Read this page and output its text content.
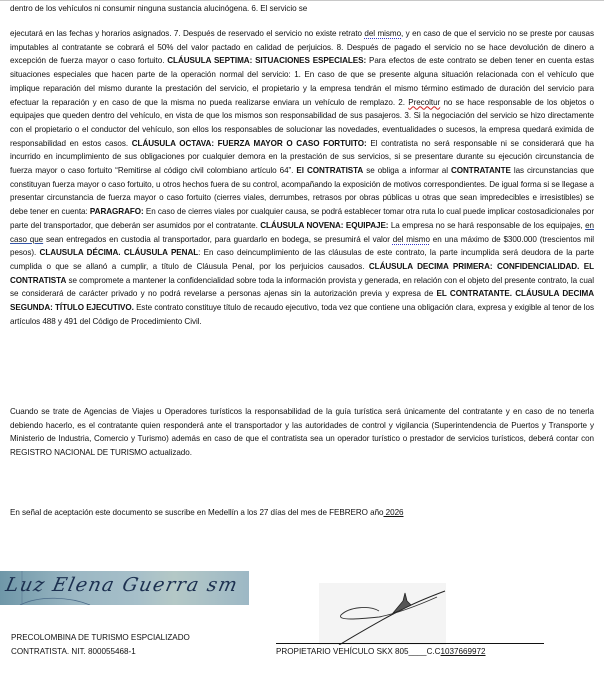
dentro de los vehículos ni consumir ninguna sustancia alucinógena. 6. El servicio se
ejecutará en las fechas y horarios asignados. 7. Después de reservado el servicio no existe retrato del mismo, y en caso de que el servicio no se preste por causas imputables al contratante se cobrará el 50% del valor pactado en calidad de perjuicios. 8. Después de pagado el servicio no se hace devolución de dinero a excepción de fuerza mayor o caso fortuito. CLÁUSULA SEPTIMA: SITUACIONES ESPECIALES: Para efectos de este contrato se deben tener en cuenta estas situaciones especiales que hacen parte de la operación normal del servicio: 1. En caso de que se presente alguna situación relacionada con el vehículo que implique reparación del mismo durante la prestación del servicio, el propietario y la empresa tendrán el mismo término estimado de duración del servicio para efectuar la reparación y en caso de que la misma no pueda realizarse enviara un vehículo de remplazo. 2. Precoltur no se hace responsable de los objetos o equipajes que queden dentro del vehículo, en vista de que los mismos son responsabilidad de sus pasajeros. 3. Si la negociación del servicio se hizo directamente con el propietario o el conductor del vehículo, son ellos los responsables de solucionar las novedades, eventualidades o sucesos, la empresa quedará eximida de responsabilidad en estos casos. CLÁUSULA OCTAVA: FUERZA MAYOR O CASO FORTUITO: El contratista no será responsable ni se considerará que ha incurrido en incumplimiento de sus obligaciones por cualquier demora en la prestación de sus servicios, si se presentare durante su ejecución circunstancia de fuerza mayor o caso fortuito “Remitirse al código civil colombiano artículo 64”. El CONTRATISTA se obliga a informar al CONTRATANTE las circunstancias que constituyan fuerza mayor o caso fortuito, u otros hechos fuera de su control, acompañando la exposición de motivos correspondientes. De igual forma si se llegase a presentar circunstancia de fuerza mayor o caso fortuito (cierres viales, derrumbes, retrasos por obras públicas u otras que sean impredecibles e irresistibles) se debe tener en cuenta: PARAGRAFO: En caso de cierres viales por cualquier causa, se podrá establecer tomar otra ruta lo cual puede implicar costosadicionales por parte del transportador, que deberán ser asumidos por el contratante. CLÁUSULA NOVENA: EQUIPAJE: La empresa no se hará responsable de los equipajes, en caso que sean entregados en custodia al transportador, para guardarlo en bodega, se presumirá el valor del mismo en una máximo de $300.000 (trescientos mil pesos). CLAUSULA DÉCIMA. CLÁUSULA PENAL: En caso deincumplimiento de las cláusulas de este contrato, la parte incumplida será deudora de la parte cumplida o que se allanó a cumplir, a título de Cláusula Penal, por los perjuicios causados. CLÁUSULA DECIMA PRIMERA: CONFIDENCIALIDAD. EL CONTRATISTA se compromete a mantener la confidencialidad sobre toda la información provista y generada, en relación con el objeto del presente contrato, la cual se considerará de carácter privado y no podrá revelarse a personas ajenas sin la autorización previa y expresa de EL CONTRATANTE. CLÁUSULA DECIMA SEGUNDA: TÍTULO EJECUTIVO. Este contrato constituye título de recaudo ejecutivo, toda vez que contiene una obligación clara, expresa y exigible al tenor de los artículos 488 y 491 del Código de Procedimiento Civil.
Cuando se trate de Agencias de Viajes u Operadores turísticos la responsabilidad de la guía turística será únicamente del contratante y en caso de no tenerla debiendo hacerlo, es el contratante quien responderá ante el transportador y las autoridades de control y vigilancia (Superintendencia de Puertos y Transporte y Ministerio de Industria, Comercio y Turismo) además en caso de que el contratista sea un operador turístico o prestador de servicios turísticos, deberá contar con REGISTRO NACIONAL DE TURISMO actualizado.
En señal de aceptación este documento se suscribe en Medellín a los 27 días del mes de FEBRERO año 2026
Luz Elena Guerra sm
PRECOLOMBINA DE TURISMO ESPCIALIZADO
CONTRATISTA. NIT. 800055468-1	PROPIETARIO VEHÍCULO SKX 805____C.C1037669972
